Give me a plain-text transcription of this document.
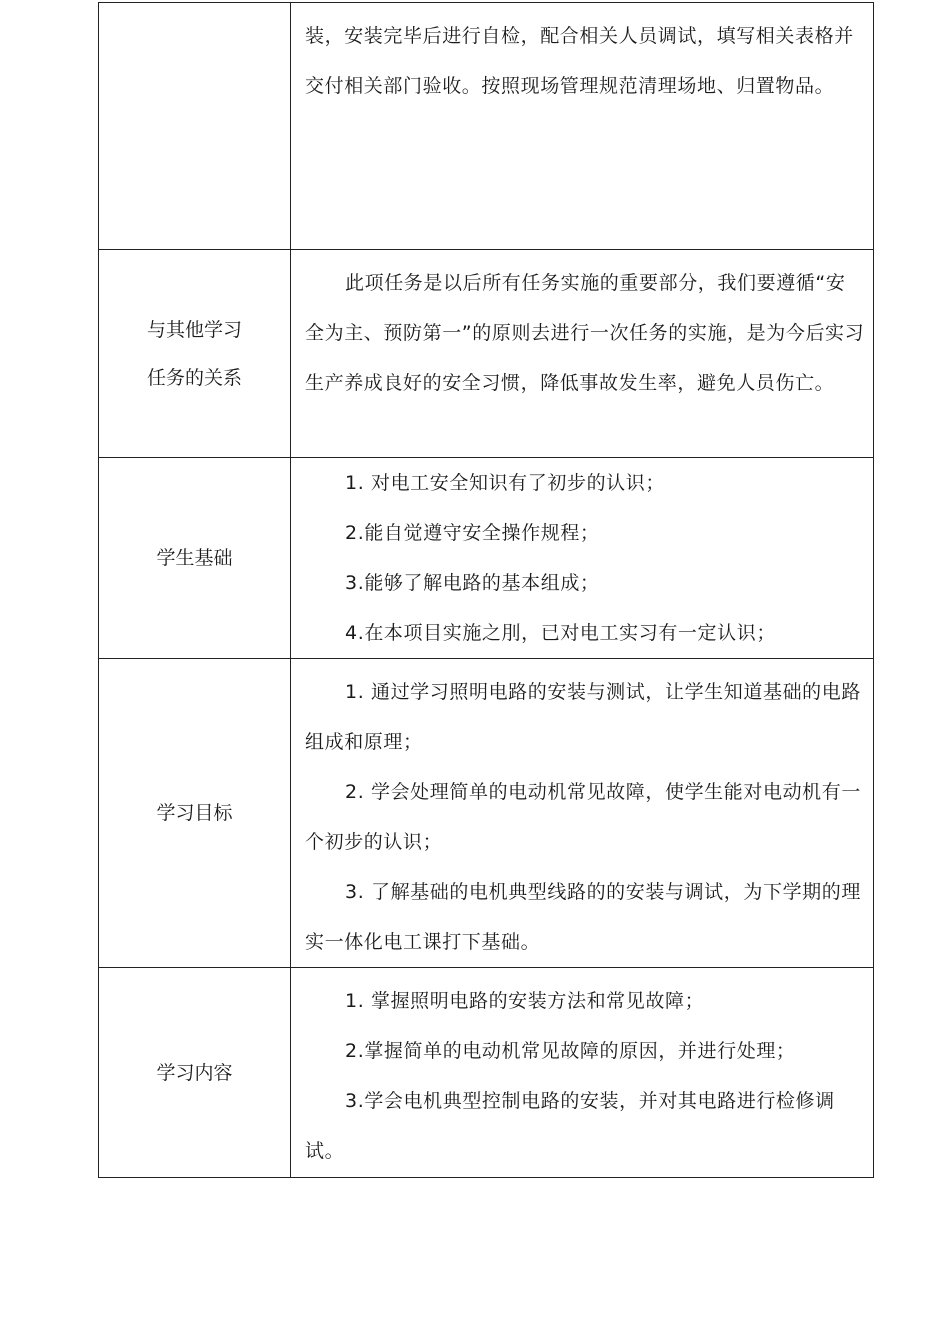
	装，安装完毕后进行自检，配合相关人员调试，填写相关表格并交付相关部门验收。按照现场管理规范清理场地、归置物品。

与其他学习
任务的关系	此项任务是以后所有任务实施的重要部分，我们要遵循“安全为主、预防第一”的原则去进行一次任务的实施，是为今后实习生产养成良好的安全习惯，降低事故发生率，避免人员伤亡。

学生基础	1. 对电工安全知识有了初步的认识；

2.能自觉遵守安全操作规程；

3.能够了解电路的基本组成；

4.在本项目实施之刖，已对电工实习有一定认识；

学习目标	1. 通过学习照明电路的安装与测试，让学生知道基础的电路组成和原理；

2. 学会处理简单的电动机常见故障，使学生能对电动机有一个初步的认识；

3. 了解基础的电机典型线路的的安装与调试，为下学期的理实一体化电工课打下基础。

学习内容	1. 掌握照明电路的安装方法和常见故障；

2.掌握简单的电动机常见故障的原因，并进行处理；

3.学会电机典型控制电路的安装，并对其电路进行检修调试。
